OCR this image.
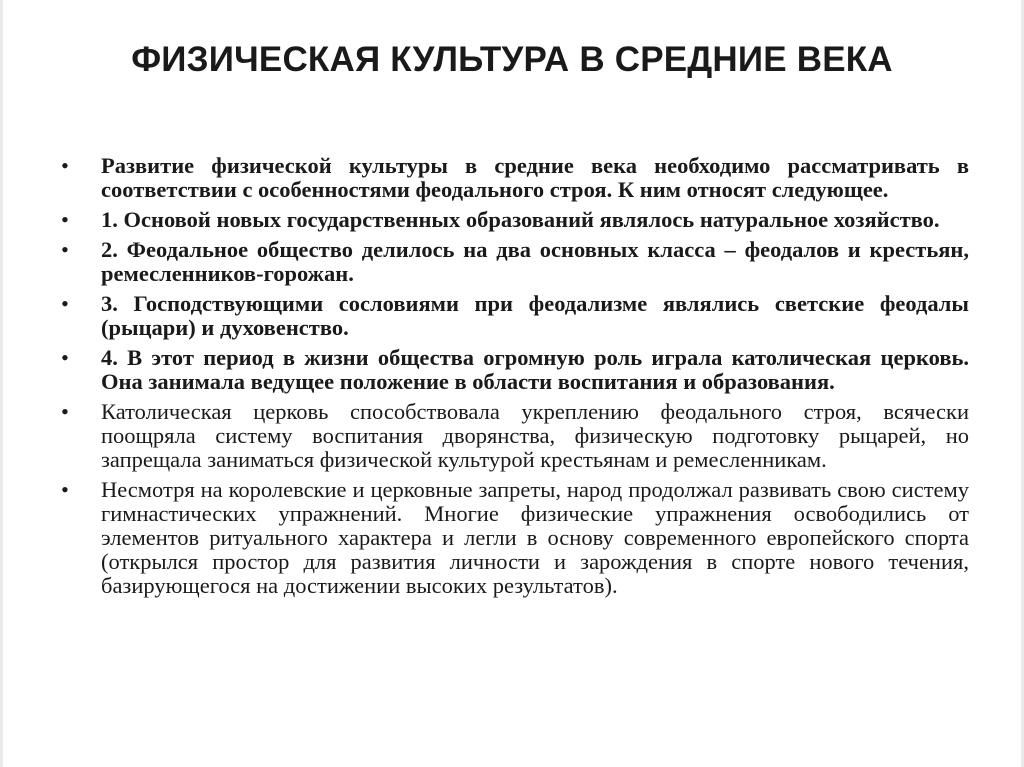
ФИЗИЧЕСКАЯ КУЛЬТУРА В СРЕДНИЕ ВЕКА
• Развитие физической культуры в средние века необходимо рассматривать в соответствии с особенностями феодального строя. К ним относят следующее.
• 1. Основой новых государственных образований являлось натуральное хозяйство.
• 2. Феодальное общество делилось на два основных класса – феодалов и крестьян, ремесленников-горожан.
• 3. Господствующими сословиями при феодализме являлись светские феодалы (рыцари) и духовенство.
• 4. В этот период в жизни общества огромную роль играла католическая церковь. Она занимала ведущее положение в области воспитания и образования.
• Католическая церковь способствовала укреплению феодального строя, всячески поощряла систему воспитания дворянства, физическую подготовку рыцарей, но запрещала заниматься физической культурой крестьянам и ремесленникам.
• Несмотря на королевские и церковные запреты, народ продолжал развивать свою систему гимнастических упражнений. Многие физические упражнения освободились от элементов ритуального характера и легли в основу современного европейского спорта (открылся простор для развития личности и зарождения в спорте нового течения, базирующегося на достижении высоких результатов).
